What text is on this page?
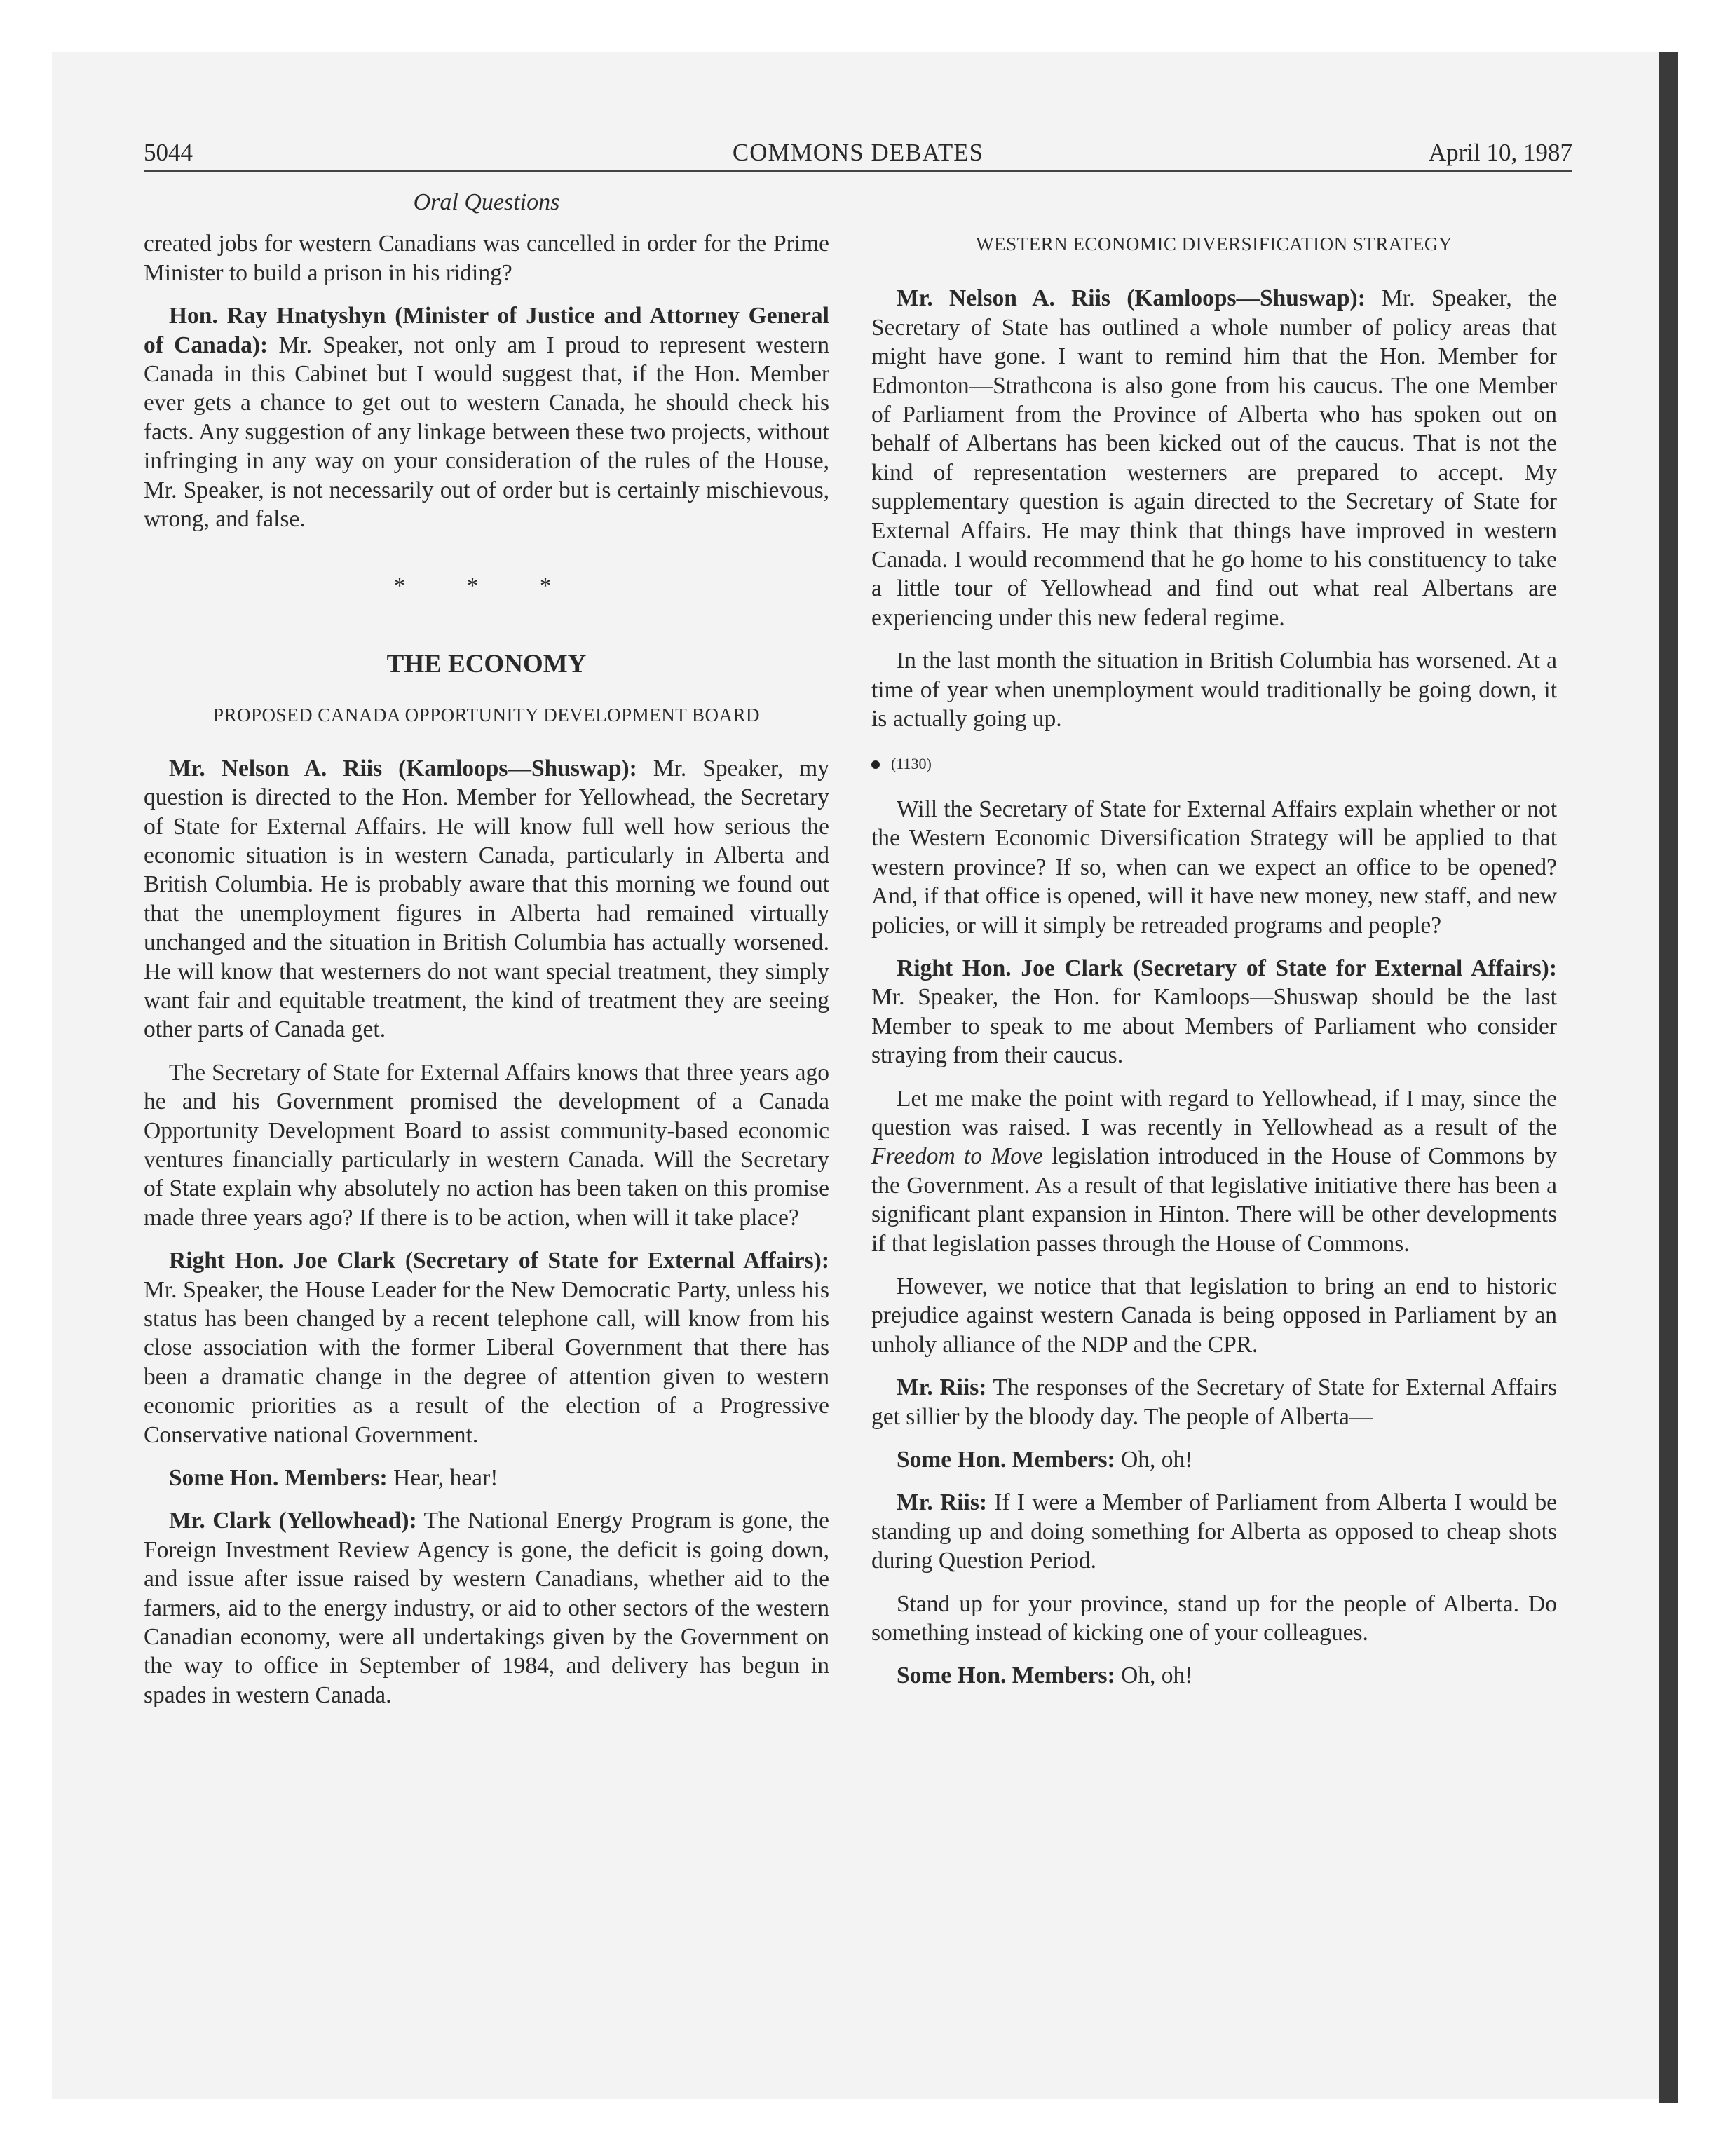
5044	COMMONS DEBATES	April 10, 1987
Oral Questions

created jobs for western Canadians was cancelled in order for the Prime Minister to build a prison in his riding?

Hon. Ray Hnatyshyn (Minister of Justice and Attorney General of Canada): Mr. Speaker, not only am I proud to represent western Canada in this Cabinet but I would suggest that, if the Hon. Member ever gets a chance to get out to western Canada, he should check his facts. Any suggestion of any linkage between these two projects, without infringing in any way on your consideration of the rules of the House, Mr. Speaker, is not necessarily out of order but is certainly mischievous, wrong, and false.

* * *
THE ECONOMY
PROPOSED CANADA OPPORTUNITY DEVELOPMENT BOARD

Mr. Nelson A. Riis (Kamloops—Shuswap): Mr. Speaker, my question is directed to the Hon. Member for Yellowhead, the Secretary of State for External Affairs. He will know full well how serious the economic situation is in western Canada, particularly in Alberta and British Columbia. He is probably aware that this morning we found out that the unemployment figures in Alberta had remained virtually unchanged and the situation in British Columbia has actually worsened. He will know that westerners do not want special treatment, they simply want fair and equitable treatment, the kind of treatment they are seeing other parts of Canada get.

The Secretary of State for External Affairs knows that three years ago he and his Government promised the development of a Canada Opportunity Development Board to assist community-based economic ventures financially particularly in western Canada. Will the Secretary of State explain why absolutely no action has been taken on this promise made three years ago? If there is to be action, when will it take place?

Right Hon. Joe Clark (Secretary of State for External Affairs): Mr. Speaker, the House Leader for the New Democratic Party, unless his status has been changed by a recent telephone call, will know from his close association with the former Liberal Government that there has been a dramatic change in the degree of attention given to western economic priorities as a result of the election of a Progressive Conservative national Government.

Some Hon. Members: Hear, hear!

Mr. Clark (Yellowhead): The National Energy Program is gone, the Foreign Investment Review Agency is gone, the deficit is going down, and issue after issue raised by western Canadians, whether aid to the farmers, aid to the energy industry, or aid to other sectors of the western Canadian economy, were all undertakings given by the Government on the way to office in September of 1984, and delivery has begun in spades in western Canada.

WESTERN ECONOMIC DIVERSIFICATION STRATEGY

Mr. Nelson A. Riis (Kamloops—Shuswap): Mr. Speaker, the Secretary of State has outlined a whole number of policy areas that might have gone. I want to remind him that the Hon. Member for Edmonton—Strathcona is also gone from his caucus. The one Member of Parliament from the Province of Alberta who has spoken out on behalf of Albertans has been kicked out of the caucus. That is not the kind of representation westerners are prepared to accept. My supplementary question is again directed to the Secretary of State for External Affairs. He may think that things have improved in western Canada. I would recommend that he go home to his constituency to take a little tour of Yellowhead and find out what real Albertans are experiencing under this new federal regime.

In the last month the situation in British Columbia has worsened. At a time of year when unemployment would traditionally be going down, it is actually going up.

(1130)

Will the Secretary of State for External Affairs explain whether or not the Western Economic Diversification Strategy will be applied to that western province? If so, when can we expect an office to be opened? And, if that office is opened, will it have new money, new staff, and new policies, or will it simply be retreaded programs and people?

Right Hon. Joe Clark (Secretary of State for External Affairs): Mr. Speaker, the Hon. for Kamloops—Shuswap should be the last Member to speak to me about Members of Parliament who consider straying from their caucus.

Let me make the point with regard to Yellowhead, if I may, since the question was raised. I was recently in Yellowhead as a result of the Freedom to Move legislation introduced in the House of Commons by the Government. As a result of that legislative initiative there has been a significant plant expansion in Hinton. There will be other developments if that legislation passes through the House of Commons.

However, we notice that that legislation to bring an end to historic prejudice against western Canada is being opposed in Parliament by an unholy alliance of the NDP and the CPR.

Mr. Riis: The responses of the Secretary of State for External Affairs get sillier by the bloody day. The people of Alberta—

Some Hon. Members: Oh, oh!

Mr. Riis: If I were a Member of Parliament from Alberta I would be standing up and doing something for Alberta as opposed to cheap shots during Question Period.

Stand up for your province, stand up for the people of Alberta. Do something instead of kicking one of your colleagues.

Some Hon. Members: Oh, oh!
